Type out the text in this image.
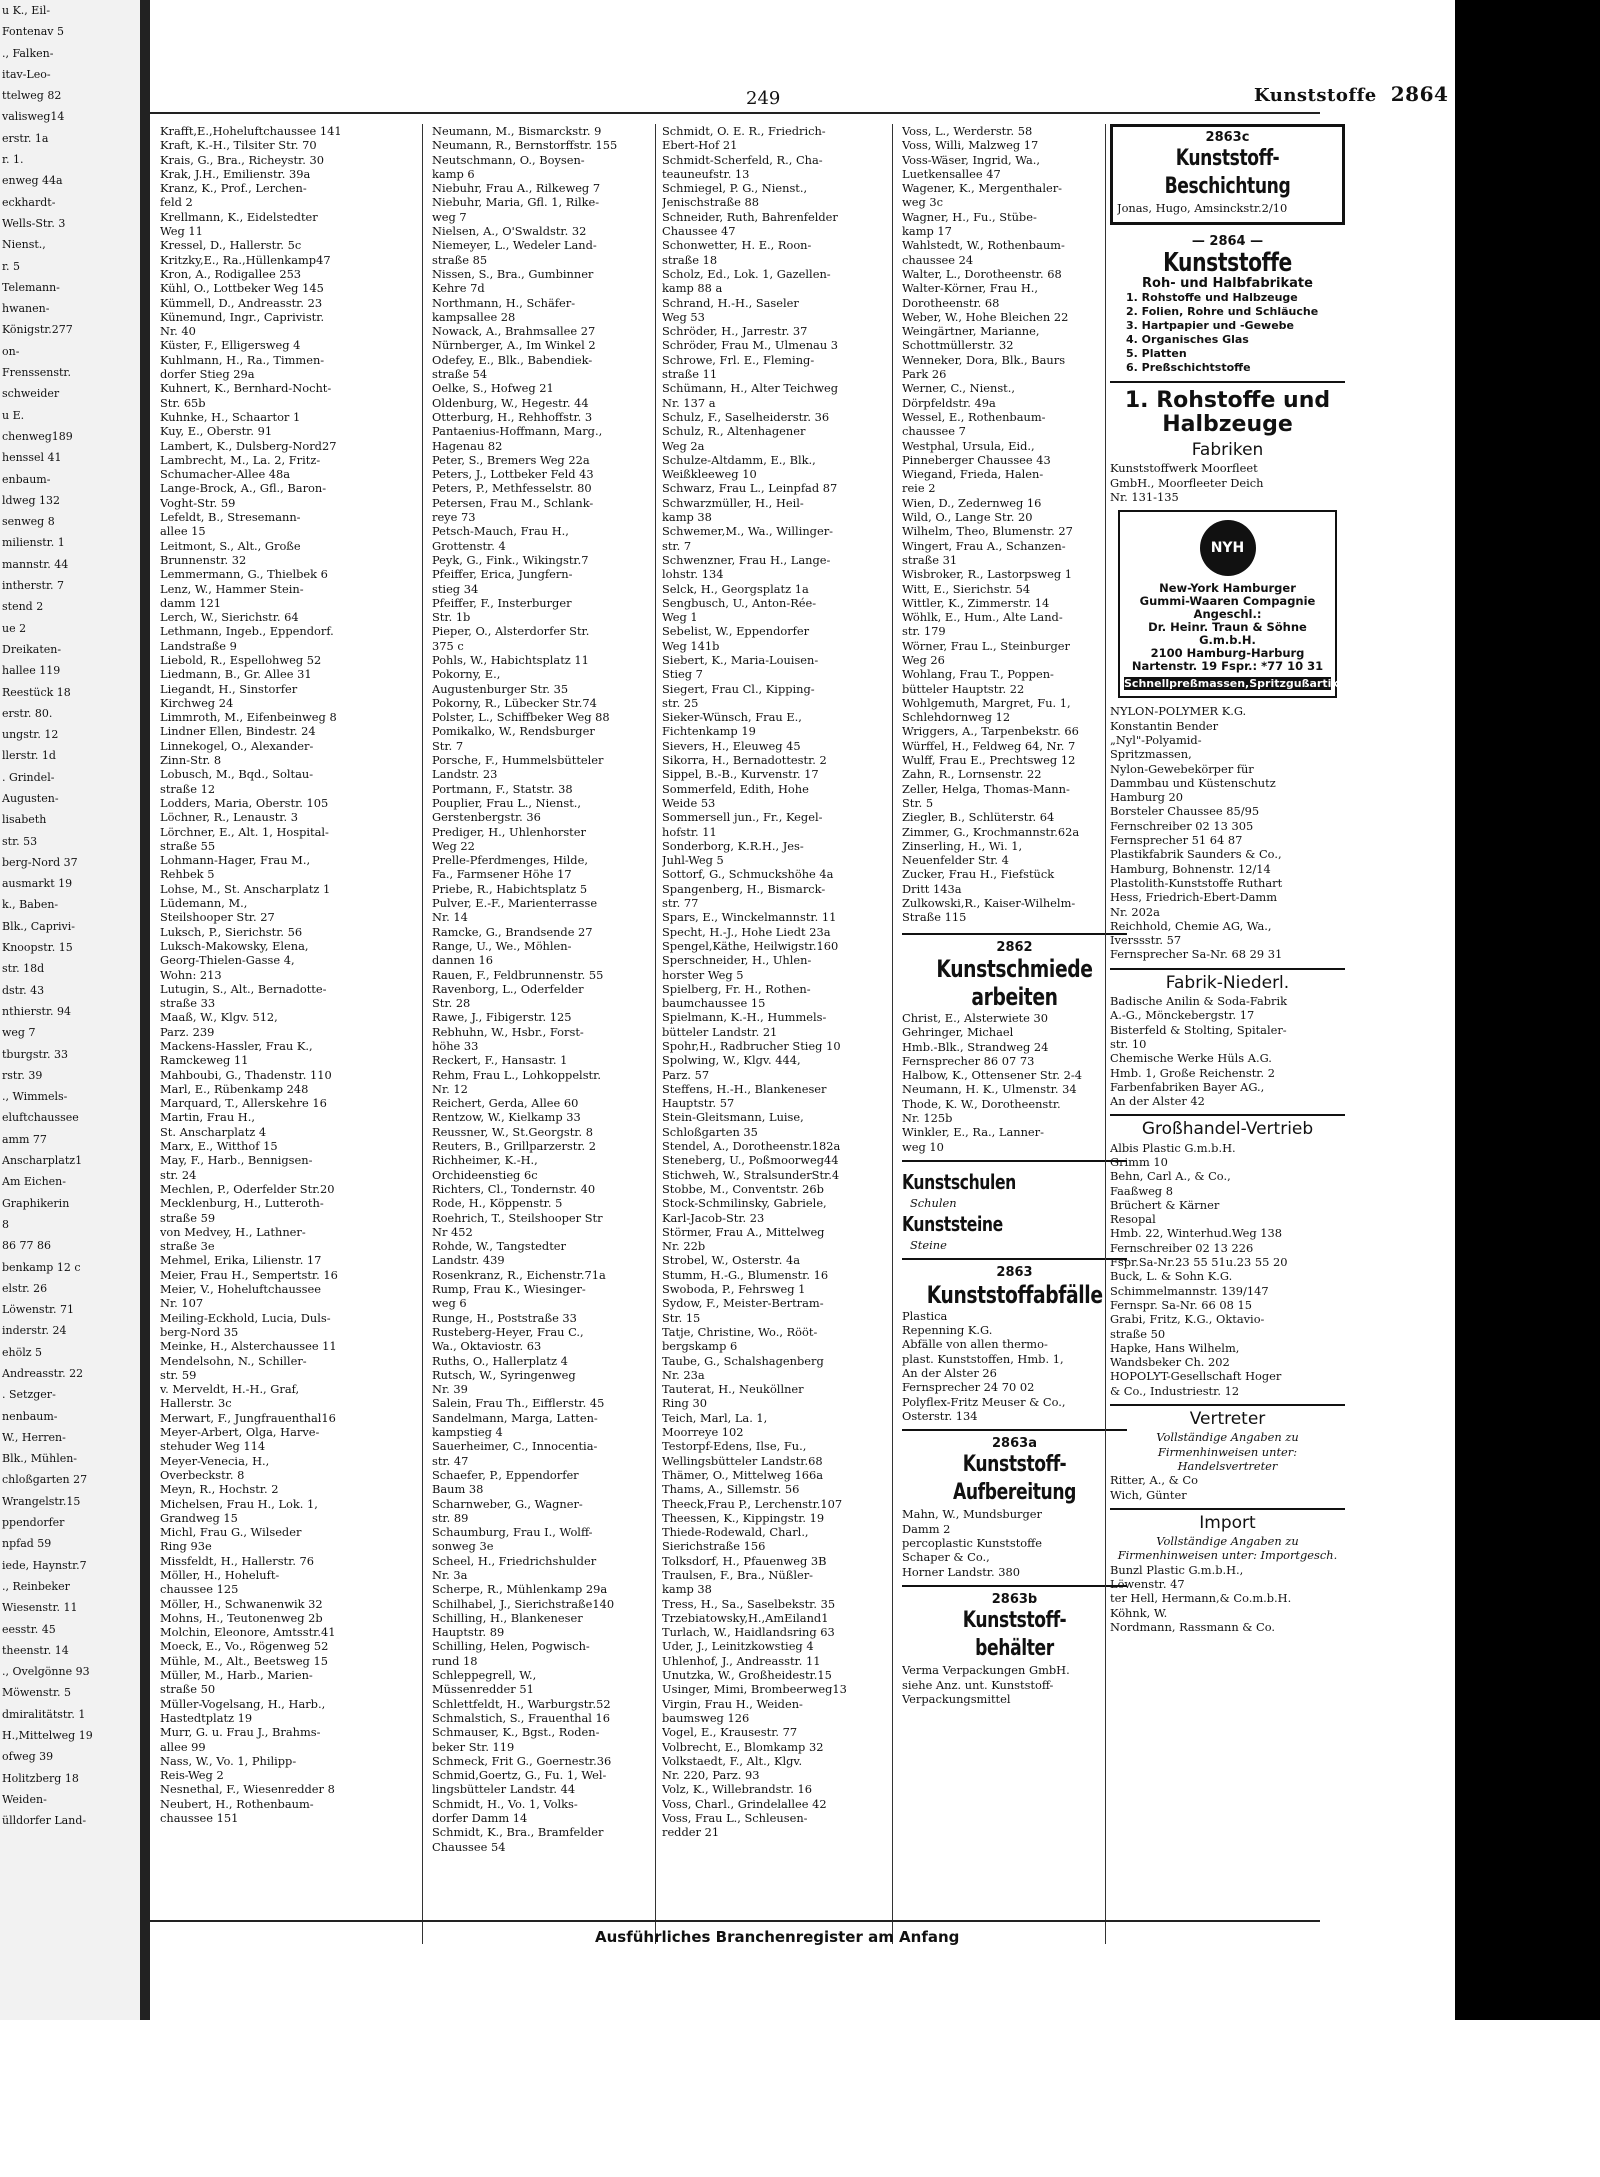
u K., Eil-
Fontenav 5
., Falken-
itav-Leo-
ttelweg 82
valisweg14
erstr. 1a
r. 1.
enweg 44a
eckhardt-
Wells-Str. 3
Nienst.,
r. 5
Telemann-
hwanen-
Königstr.277
on-
Frenssenstr.
schweider
u E.
chenweg189
henssel 41
enbaum-
ldweg 132
senweg 8
milienstr. 1
mannstr. 44
intherstr. 7
stend 2
ue 2
Dreikaten-
hallee 119
Reestück 18
erstr. 80.
ungstr. 12
llerstr. 1d
. Grindel-
Augusten-
lisabeth
str. 53
berg-Nord 37
ausmarkt 19
k., Baben-
Blk., Caprivi-
Knoopstr. 15
str. 18d
dstr. 43
nthierstr. 94
weg 7
tburgstr. 33
rstr. 39
., Wimmels-
eluftchaussee
amm 77
Anscharplatz1
Am Eichen-
Graphikerin
8
86 77 86
benkamp 12 c
elstr. 26
Löwenstr. 71
inderstr. 24
ehölz 5
Andreasstr. 22
. Setzger-
nenbaum-
W., Herren-
Blk., Mühlen-
chloßgarten 27
Wrangelstr.15
ppendorfer
npfad 59
iede, Haynstr.7
., Reinbeker
Wiesenstr. 11
eesstr. 45
theenstr. 14
., Ovelgönne 93
Möwenstr. 5
dmiralitätstr. 1
H.,Mittelweg 19
ofweg 39
Holitzberg 18
Weiden-
ülldorfer Land-
249	Kunststoffe 2864
Krafft,E.,Hoheluftchaussee 141
Kraft, K.-H., Tilsiter Str. 70
Krais, G., Bra., Richeystr. 30
Krak, J.H., Emilienstr. 39a
Kranz, K., Prof., Lerchen-
feld 2
Krellmann, K., Eidelstedter
Weg 11
Kressel, D., Hallerstr. 5c
Kritzky,E., Ra.,Hüllenkamp47
Kron, A., Rodigallee 253
Kühl, O., Lottbeker Weg 145
Kümmell, D., Andreasstr. 23
Künemund, Ingr., Caprivistr.
Nr. 40
Küster, F., Elligersweg 4
Kuhlmann, H., Ra., Timmen-
dorfer Stieg 29a
Kuhnert, K., Bernhard-Nocht-
Str. 65b
Kuhnke, H., Schaartor 1
Kuy, E., Oberstr. 91
Lambert, K., Dulsberg-Nord27
Lambrecht, M., La. 2, Fritz-
Schumacher-Allee 48a
Lange-Brock, A., Gfl., Baron-
Voght-Str. 59
Lefeldt, B., Stresemann-
allee 15
Leitmont, S., Alt., Große
Brunnenstr. 32
Lemmermann, G., Thielbek 6
Lenz, W., Hammer Stein-
damm 121
Lerch, W., Sierichstr. 64
Lethmann, Ingeb., Eppendorf.
Landstraße 9
Liebold, R., Espellohweg 52
Liedmann, B., Gr. Allee 31
Liegandt, H., Sinstorfer
Kirchweg 24
Limmroth, M., Eifenbeinweg 8
Lindner Ellen, Bindestr. 24
Linnekogel, O., Alexander-
Zinn-Str. 8
Lobusch, M., Bqd., Soltau-
straße 12
Lodders, Maria, Oberstr. 105
Löchner, R., Lenaustr. 3
Lörchner, E., Alt. 1, Hospital-
straße 55
Lohmann-Hager, Frau M.,
Rehbek 5
Lohse, M., St. Anscharplatz 1
Lüdemann, M.,
Steilshooper Str. 27
Luksch, P., Sierichstr. 56
Luksch-Makowsky, Elena,
Georg-Thielen-Gasse 4,
Wohn: 213
Lutugin, S., Alt., Bernadotte-
straße 33
Maaß, W., Klgv. 512,
Parz. 239
Mackens-Hassler, Frau K.,
Ramckeweg 11
Mahboubi, G., Thadenstr. 110
Marl, E., Rübenkamp 248
Marquard, T., Allerskehre 16
Martin, Frau H.,
St. Anscharplatz 4
Marx, E., Witthof 15
May, F., Harb., Bennigsen-
str. 24
Mechlen, P., Oderfelder Str.20
Mecklenburg, H., Lutteroth-
straße 59
von Medvey, H., Lathner-
straße 3e
Mehmel, Erika, Lilienstr. 17
Meier, Frau H., Sempertstr. 16
Meier, V., Hoheluftchaussee
Nr. 107
Meiling-Eckhold, Lucia, Duls-
berg-Nord 35
Meinke, H., Alsterchaussee 11
Mendelsohn, N., Schiller-
str. 59
v. Merveldt, H.-H., Graf,
Hallerstr. 3c
Merwart, F., Jungfrauenthal16
Meyer-Arbert, Olga, Harve-
stehuder Weg 114
Meyer-Venecia, H.,
Overbeckstr. 8
Meyn, R., Hochstr. 2
Michelsen, Frau H., Lok. 1,
Grandweg 15
Michl, Frau G., Wilseder
Ring 93e
Missfeldt, H., Hallerstr. 76
Möller, H., Hoheluft-
chaussee 125
Möller, H., Schwanenwik 32
Mohns, H., Teutonenweg 2b
Molchin, Eleonore, Amtsstr.41
Moeck, E., Vo., Rögenweg 52
Mühle, M., Alt., Beetsweg 15
Müller, M., Harb., Marien-
straße 50
Müller-Vogelsang, H., Harb.,
Hastedtplatz 19
Murr, G. u. Frau J., Brahms-
allee 99
Nass, W., Vo. 1, Philipp-
Reis-Weg 2
Nesnethal, F., Wiesenredder 8
Neubert, H., Rothenbaum-
chaussee 151
Neumann, M., Bismarckstr. 9
Neumann, R., Bernstorffstr. 155
Neutschmann, O., Boysen-
kamp 6
Niebuhr, Frau A., Rilkeweg 7
Niebuhr, Maria, Gfl. 1, Rilke-
weg 7
Nielsen, A., O'Swaldstr. 32
Niemeyer, L., Wedeler Land-
straße 85
Nissen, S., Bra., Gumbinner
Kehre 7d
Northmann, H., Schäfer-
kampsallee 28
Nowack, A., Brahmsallee 27
Nürnberger, A., Im Winkel 2
Odefey, E., Blk., Babendiek-
straße 54
Oelke, S., Hofweg 21
Oldenburg, W., Hegestr. 44
Otterburg, H., Rehhoffstr. 3
Pantaenius-Hoffmann, Marg.,
Hagenau 82
Peter, S., Bremers Weg 22a
Peters, J., Lottbeker Feld 43
Peters, P., Methfesselstr. 80
Petersen, Frau M., Schlank-
reye 73
Petsch-Mauch, Frau H.,
Grottenstr. 4
Peyk, G., Fink., Wikingstr.7
Pfeiffer, Erica, Jungfern-
stieg 34
Pfeiffer, F., Insterburger
Str. 1b
Pieper, O., Alsterdorfer Str.
375 c
Pohls, W., Habichtsplatz 11
Pokorny, E.,
Augustenburger Str. 35
Pokorny, R., Lübecker Str.74
Polster, L., Schiffbeker Weg 88
Pomikalko, W., Rendsburger
Str. 7
Porsche, F., Hummelsbütteler
Landstr. 23
Portmann, F., Statstr. 38
Pouplier, Frau L., Nienst.,
Gerstenbergstr. 36
Prediger, H., Uhlenhorster
Weg 22
Prelle-Pferdmenges, Hilde,
Fa., Farmsener Höhe 17
Priebe, R., Habichtsplatz 5
Pulver, E.-F., Marienterrasse
Nr. 14
Ramcke, G., Brandsende 27
Range, U., We., Möhlen-
dannen 16
Rauen, F., Feldbrunnenstr. 55
Ravenborg, L., Oderfelder
Str. 28
Rawe, J., Fibigerstr. 125
Rebhuhn, W., Hsbr., Forst-
höhe 33
Reckert, F., Hansastr. 1
Rehm, Frau L., Lohkoppelstr.
Nr. 12
Reichert, Gerda, Allee 60
Rentzow, W., Kielkamp 33
Reussner, W., St.Georgstr. 8
Reuters, B., Grillparzerstr. 2
Richheimer, K.-H.,
Orchideenstieg 6c
Richters, Cl., Tondernstr. 40
Rode, H., Köppenstr. 5
Roehrich, T., Steilshooper Str
Nr 452
Rohde, W., Tangstedter
Landstr. 439
Rosenkranz, R., Eichenstr.71a
Rump, Frau K., Wiesinger-
weg 6
Runge, H., Poststraße 33
Rusteberg-Heyer, Frau C.,
Wa., Oktaviostr. 63
Ruths, O., Hallerplatz 4
Rutsch, W., Syringenweg
Nr. 39
Salein, Frau Th., Eifflerstr. 45
Sandelmann, Marga, Latten-
kampstieg 4
Sauerheimer, C., Innocentia-
str. 47
Schaefer, P., Eppendorfer
Baum 38
Scharnweber, G., Wagner-
str. 89
Schaumburg, Frau I., Wolff-
sonweg 3e
Scheel, H., Friedrichshulder
Nr. 3a
Scherpe, R., Mühlenkamp 29a
Schilhabel, J., Sierichstraße140
Schilling, H., Blankeneser
Hauptstr. 89
Schilling, Helen, Pogwisch-
rund 18
Schleppegrell, W.,
Müssenredder 51
Schlettfeldt, H., Warburgstr.52
Schmalstich, S., Frauenthal 16
Schmauser, K., Bgst., Roden-
beker Str. 119
Schmeck, Frit G., Goernestr.36
Schmid,Goertz, G., Fu. 1, Wel-
lingsbütteler Landstr. 44
Schmidt, H., Vo. 1, Volks-
dorfer Damm 14
Schmidt, K., Bra., Bramfelder
Chaussee 54
Schmidt, O. E. R., Friedrich-
Ebert-Hof 21
Schmidt-Scherfeld, R., Cha-
teauneufstr. 13
Schmiegel, P. G., Nienst.,
Jenischstraße 88
Schneider, Ruth, Bahrenfelder
Chaussee 47
Schonwetter, H. E., Roon-
straße 18
Scholz, Ed., Lok. 1, Gazellen-
kamp 88 a
Schrand, H.-H., Saseler
Weg 53
Schröder, H., Jarrestr. 37
Schröder, Frau M., Ulmenau 3
Schrowe, Frl. E., Fleming-
straße 11
Schümann, H., Alter Teichweg
Nr. 137 a
Schulz, F., Saselheiderstr. 36
Schulz, R., Altenhagener
Weg 2a
Schulze-Altdamm, E., Blk.,
Weißkleeweg 10
Schwarz, Frau L., Leinpfad 87
Schwarzmüller, H., Heil-
kamp 38
Schwemer,M., Wa., Willinger-
str. 7
Schwenzner, Frau H., Lange-
lohstr. 134
Selck, H., Georgsplatz 1a
Sengbusch, U., Anton-Rée-
Weg 1
Sebelist, W., Eppendorfer
Weg 141b
Siebert, K., Maria-Louisen-
Stieg 7
Siegert, Frau Cl., Kipping-
str. 25
Sieker-Wünsch, Frau E.,
Fichtenkamp 19
Sievers, H., Eleuweg 45
Sikorra, H., Bernadottestr. 2
Sippel, B.-B., Kurvenstr. 17
Sommerfeld, Edith, Hohe
Weide 53
Sommersell jun., Fr., Kegel-
hofstr. 11
Sonderborg, K.R.H., Jes-
Juhl-Weg 5
Sottorf, G., Schmuckshöhe 4a
Spangenberg, H., Bismarck-
str. 77
Spars, E., Winckelmannstr. 11
Specht, H.-J., Hohe Liedt 23a
Spengel,Käthe, Heilwigstr.160
Sperschneider, H., Uhlen-
horster Weg 5
Spielberg, Fr. H., Rothen-
baumchaussee 15
Spielmann, K.-H., Hummels-
bütteler Landstr. 21
Spohr,H., Radbrucher Stieg 10
Spolwing, W., Klgv. 444,
Parz. 57
Steffens, H.-H., Blankeneser
Hauptstr. 57
Stein-Gleitsmann, Luise,
Schloßgarten 35
Stendel, A., Dorotheenstr.182a
Steneberg, U., Poßmoorweg44
Stichweh, W., StralsunderStr.4
Stobbe, M., Conventstr. 26b
Stock-Schmilinsky, Gabriele,
Karl-Jacob-Str. 23
Störmer, Frau A., Mittelweg
Nr. 22b
Strobel, W., Osterstr. 4a
Stumm, H.-G., Blumenstr. 16
Swoboda, P., Fehrsweg 1
Sydow, F., Meister-Bertram-
Str. 15
Tatje, Christine, Wo., Rööt-
bergskamp 6
Taube, G., Schalshagenberg
Nr. 23a
Tauterat, H., Neuköllner
Ring 30
Teich, Marl, La. 1,
Moorreye 102
Testorpf-Edens, Ilse, Fu.,
Wellingsbütteler Landstr.68
Thämer, O., Mittelweg 166a
Thams, A., Sillemstr. 56
Theeck,Frau P., Lerchenstr.107
Theessen, K., Kippingstr. 19
Thiede-Rodewald, Charl.,
Sierichstraße 156
Tolksdorf, H., Pfauenweg 3B
Traulsen, F., Bra., Nüßler-
kamp 38
Tress, H., Sa., Saselbekstr. 35
Trzebiatowsky,H.,AmEiland1
Turlach, W., Haidlandsring 63
Uder, J., Leinitzkowstieg 4
Uhlenhof, J., Andreasstr. 11
Unutzka, W., Großheidestr.15
Usinger, Mimi, Brombeerweg13
Virgin, Frau H., Weiden-
baumsweg 126
Vogel, E., Krausestr. 77
Volbrecht, E., Blomkamp 32
Volkstaedt, F., Alt., Klgv.
Nr. 220, Parz. 93
Volz, K., Willebrandstr. 16
Voss, Charl., Grindelallee 42
Voss, Frau L., Schleusen-
redder 21
Voss, L., Werderstr. 58
Voss, Willi, Malzweg 17
Voss-Wäser, Ingrid, Wa.,
Luetkensallee 47
Wagener, K., Mergenthaler-
weg 3c
Wagner, H., Fu., Stübe-
kamp 17
Wahlstedt, W., Rothenbaum-
chaussee 24
Walter, L., Dorotheenstr. 68
Walter-Körner, Frau H.,
Dorotheenstr. 68
Weber, W., Hohe Bleichen 22
Weingärtner, Marianne,
Schottmüllerstr. 32
Wenneker, Dora, Blk., Baurs
Park 26
Werner, C., Nienst.,
Dörpfeldstr. 49a
Wessel, E., Rothenbaum-
chaussee 7
Westphal, Ursula, Eid.,
Pinneberger Chaussee 43
Wiegand, Frieda, Halen-
reie 2
Wien, D., Zedernweg 16
Wild, O., Lange Str. 20
Wilhelm, Theo, Blumenstr. 27
Wingert, Frau A., Schanzen-
straße 31
Wisbroker, R., Lastorpsweg 1
Witt, E., Sierichstr. 54
Wittler, K., Zimmerstr. 14
Wöhlk, E., Hum., Alte Land-
str. 179
Wörner, Frau L., Steinburger
Weg 26
Wohlang, Frau T., Poppen-
bütteler Hauptstr. 22
Wohlgemuth, Margret, Fu. 1,
Schlehdornweg 12
Wriggers, A., Tarpenbekstr. 66
Würffel, H., Feldweg 64, Nr. 7
Wulff, Frau E., Prechtsweg 12
Zahn, R., Lornsenstr. 22
Zeller, Helga, Thomas-Mann-
Str. 5
Ziegler, B., Schlüterstr. 64
Zimmer, G., Krochmannstr.62a
Zinserling, H., Wi. 1,
Neuenfelder Str. 4
Zucker, Frau H., Fiefstück
Dritt 143a
Zulkowski,R., Kaiser-Wilhelm-
Straße 115
2862
Kunstschmiede arbeiten
Christ, E., Alsterwiete 30
Gehringer, Michael
Hmb.-Blk., Strandweg 24
Fernsprecher 86 07 73
Halbow, K., Ottensener Str. 2-4
Neumann, H. K., Ulmenstr. 34
Thode, K. W., Dorotheenstr.
Nr. 125b
Winkler, E., Ra., Lanner-
weg 10
Kunstschulen
Schulen
Kunststeine
Steine
2863
Kunststoffabfälle
Plastica
Repenning K.G.
Abfälle von allen thermo-
plast. Kunststoffen, Hmb. 1,
An der Alster 26
Fernsprecher 24 70 02
Polyflex-Fritz Meuser & Co.,
Osterstr. 134
2863a
Kunststoff-Aufbereitung
Mahn, W., Mundsburger
Damm 2
percoplastic Kunststoffe
Schaper & Co.,
Horner Landstr. 380
2863b
Kunststoff-behälter
Verma Verpackungen GmbH.
siehe Anz. unt. Kunststoff-
Verpackungsmittel
2863c
Kunststoff-Beschichtung
Jonas, Hugo, Amsinckstr.2/10
— 2864 —
Kunststoffe
Roh- und Halbfabrikate
1. Rohstoffe und Halbzeuge
2. Folien, Rohre und Schläuche
3. Hartpapier und -Gewebe
4. Organisches Glas
5. Platten
6. Preßschichtstoffe
1. Rohstoffe und Halbzeuge
Fabriken
Kunststoffwerk Moorfleet
GmbH., Moorfleeter Deich
Nr. 131-135
NYH
New-York Hamburger
Gummi-Waaren Compagnie
Angeschl.:
Dr. Heinr. Traun & Söhne G.m.b.H.
2100 Hamburg-Harburg
Nartenstr. 19 Fspr.: *77 10 31
Schnellpreßmassen,Spritzgußartikel
NYLON-POLYMER K.G.
Konstantin Bender
„Nyl"-Polyamid-
Spritzmassen,
Nylon-Gewebekörper für
Dammbau und Küstenschutz
Hamburg 20
Borsteler Chaussee 85/95
Fernschreiber 02 13 305
Fernsprecher 51 64 87
Plastikfabrik Saunders & Co.,
Hamburg, Bohnenstr. 12/14
Plastolith-Kunststoffe Ruthart
Hess, Friedrich-Ebert-Damm
Nr. 202a
Reichhold, Chemie AG, Wa.,
Iverssstr. 57
Fernsprecher Sa-Nr. 68 29 31
Fabrik-Niederl.
Badische Anilin & Soda-Fabrik
A.-G., Mönckebergstr. 17
Bisterfeld & Stolting, Spitaler-
str. 10
Chemische Werke Hüls A.G.
Hmb. 1, Große Reichenstr. 2
Farbenfabriken Bayer AG.,
An der Alster 42
Großhandel-Vertrieb
Albis Plastic G.m.b.H.
Grimm 10
Behn, Carl A., & Co.,
Faaßweg 8
Brüchert & Kärner
Resopal
Hmb. 22, Winterhud.Weg 138
Fernschreiber 02 13 226
Fspr.Sa-Nr.23 55 51u.23 55 20
Buck, L. & Sohn K.G.
Schimmelmannstr. 139/147
Fernspr. Sa-Nr. 66 08 15
Grabi, Fritz, K.G., Oktavio-
straße 50
Hapke, Hans Wilhelm,
Wandsbeker Ch. 202
HOPOLYT-Gesellschaft Hoger
& Co., Industriestr. 12
Vertreter
Vollständige Angaben zu Firmenhinweisen unter: Handelsvertreter
Ritter, A., & Co
Wich, Günter
Import
Vollständige Angaben zu Firmenhinweisen unter: Importgesch.
Bunzl Plastic G.m.b.H.,
Löwenstr. 47
ter Hell, Hermann,& Co.m.b.H.
Köhnk, W.
Nordmann, Rassmann & Co.
Ausführliches Branchenregister am Anfang
